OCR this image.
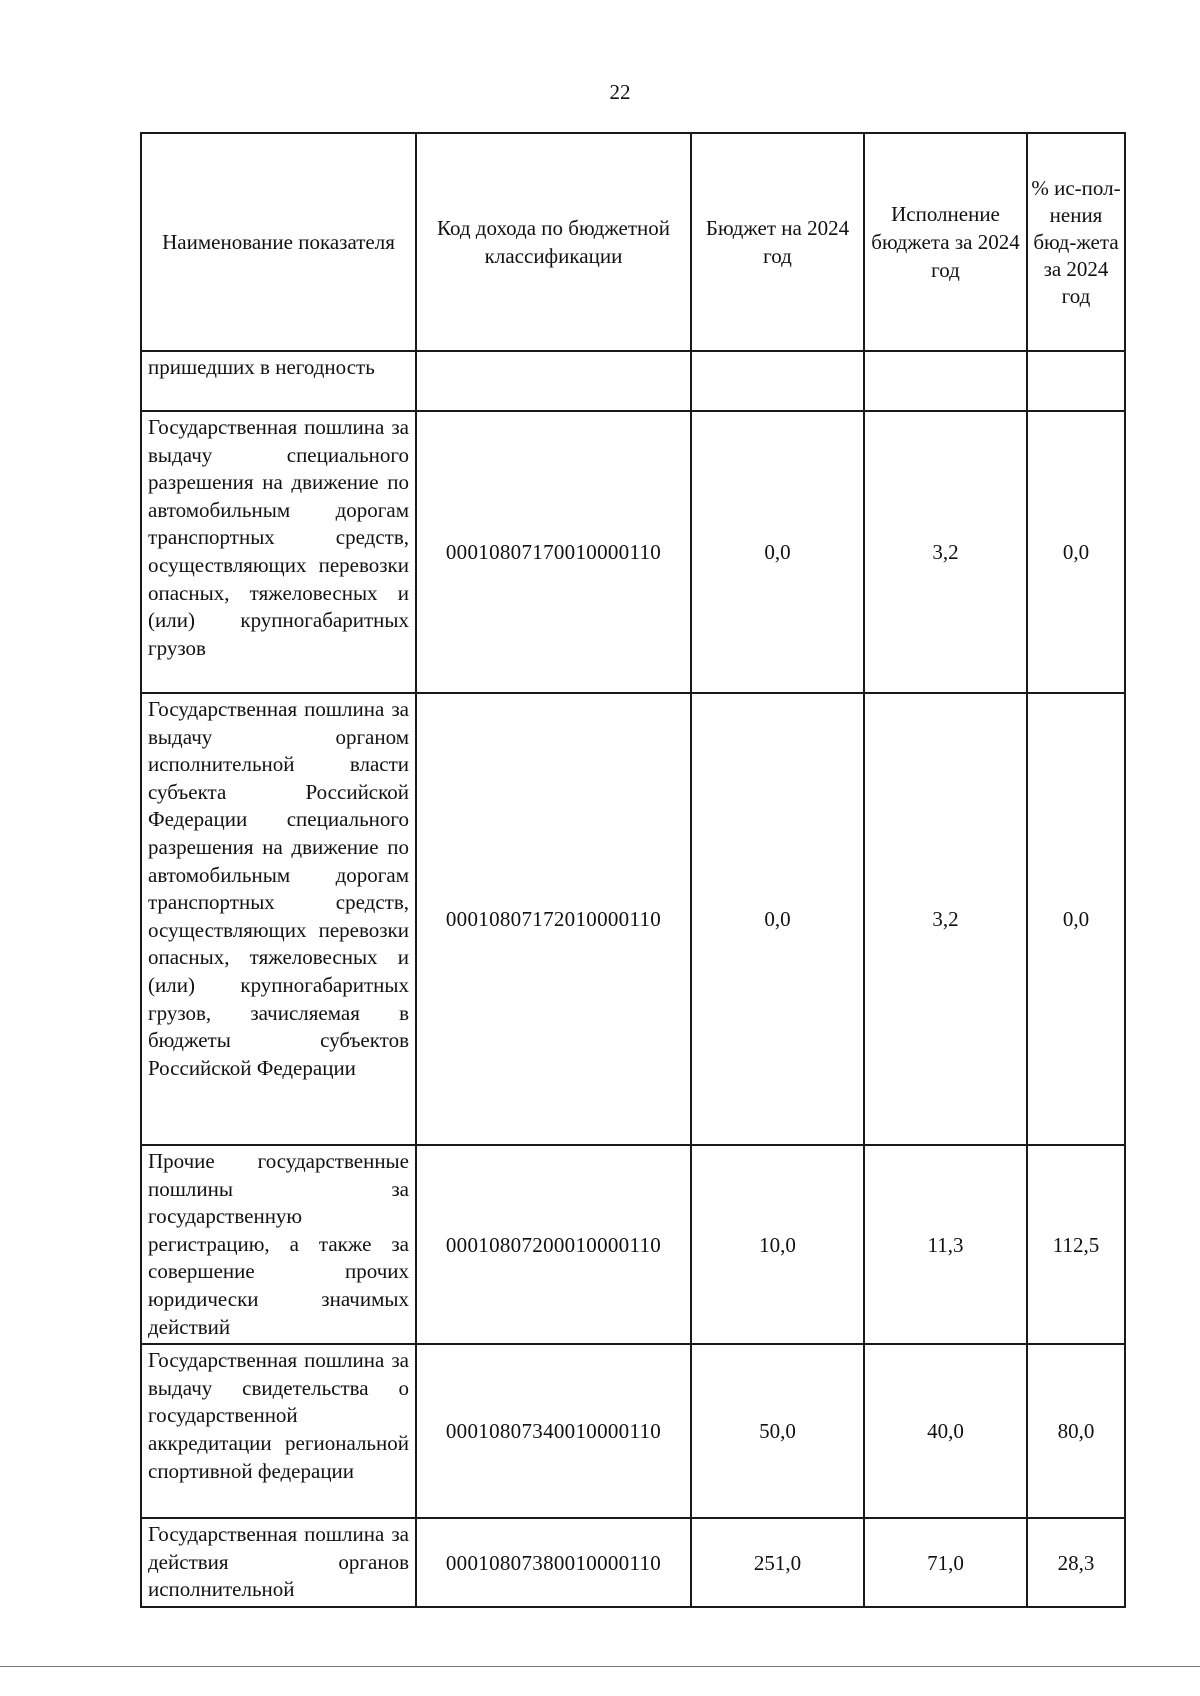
22
Наименование показателя	Код дохода по бюджетной классификации	Бюджет на 2024 год	Исполнение бюджета за 2024 год	% ис-пол-нения бюд-жета за 2024 год
пришедших в негодность				
Государственная пошлина за выдачу специального разрешения на движение по автомобильным дорогам транспортных средств, осуществляющих перевозки опасных, тяжеловесных и (или) крупногабаритных грузов	00010807170010000110	0,0	3,2	0,0
Государственная пошлина за выдачу органом исполнительной власти субъекта Российской Федерации специального разрешения на движение по автомобильным дорогам транспортных средств, осуществляющих перевозки опасных, тяжеловесных и (или) крупногабаритных грузов, зачисляемая в бюджеты субъектов Российской Федерации	00010807172010000110	0,0	3,2	0,0
Прочие государственные пошлины за государственную регистрацию, а также за совершение прочих юридически значимых действий	00010807200010000110	10,0	11,3	112,5
Государственная пошлина за выдачу свидетельства о государственной аккредитации региональной спортивной федерации	00010807340010000110	50,0	40,0	80,0
Государственная пошлина за действия органов исполнительной	00010807380010000110	251,0	71,0	28,3
